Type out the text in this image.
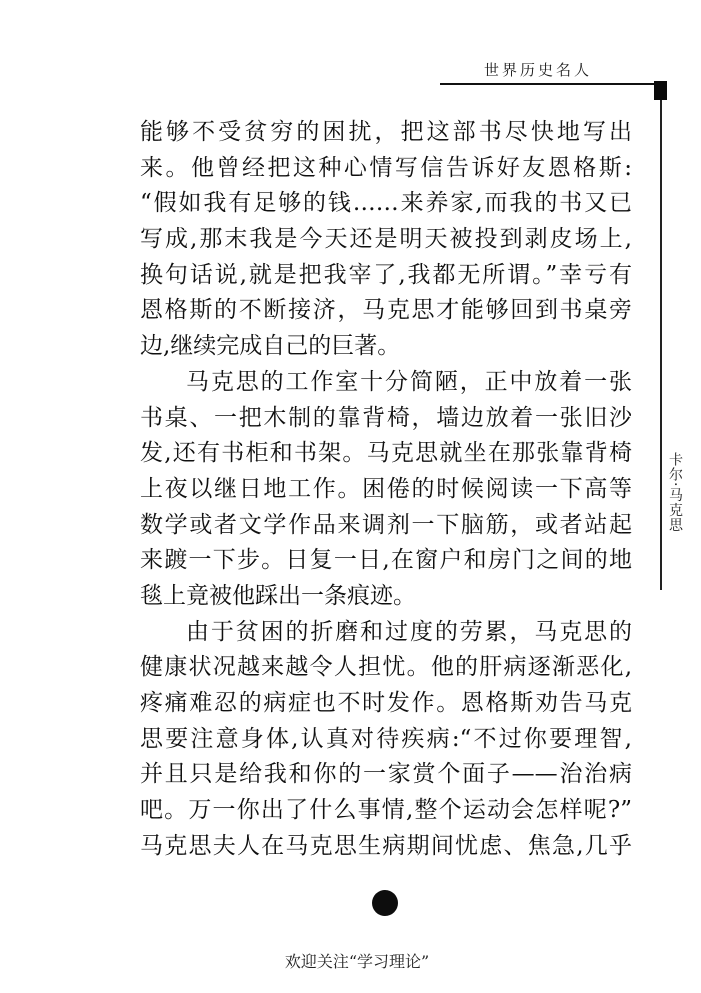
世界历史名人
卡尔·马克思
能够不受贫穷的困扰，把这部书尽快地写出
来。他曾经把这种心情写信告诉好友恩格斯:
“假如我有足够的钱……来养家,而我的书又已
写成,那末我是今天还是明天被投到剥皮场上,
换句话说,就是把我宰了,我都无所谓。”幸亏有
恩格斯的不断接济，马克思才能够回到书桌旁
边,继续完成自己的巨著。
马克思的工作室十分简陋，正中放着一张
书桌、一把木制的靠背椅，墙边放着一张旧沙
发,还有书柜和书架。马克思就坐在那张靠背椅
上夜以继日地工作。困倦的时候阅读一下高等
数学或者文学作品来调剂一下脑筋，或者站起
来踱一下步。日复一日,在窗户和房门之间的地
毯上竟被他踩出一条痕迹。
由于贫困的折磨和过度的劳累，马克思的
健康状况越来越令人担忧。他的肝病逐渐恶化,
疼痛难忍的病症也不时发作。恩格斯劝告马克
思要注意身体,认真对待疾病:“不过你要理智,
并且只是给我和你的一家赏个面子——治治病
吧。万一你出了什么事情,整个运动会怎样呢?”
马克思夫人在马克思生病期间忧虑、焦急,几乎
欢迎关注“学习理论”
